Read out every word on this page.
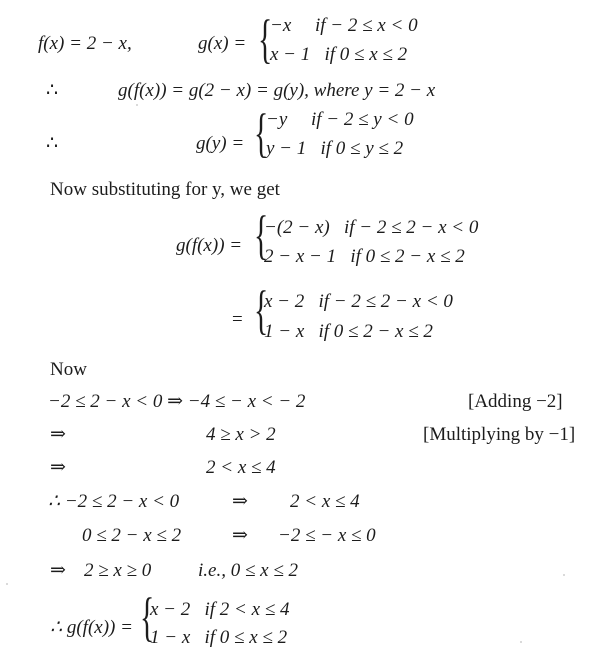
f(x) = 2 − x,	g(x) = {
−x     if − 2 ≤ x < 0
x − 1   if 0 ≤ x ≤ 2
∴	g(f(x)) = g(2 − x) = g(y), where y = 2 − x
∴	g(y) = {
−y     if − 2 ≤ y < 0
y − 1   if 0 ≤ y ≤ 2
Now substituting for y, we get
g(f(x)) = {
−(2 − x)   if − 2 ≤ 2 − x < 0
2 − x − 1   if 0 ≤ 2 − x ≤ 2
= {
x − 2   if − 2 ≤ 2 − x < 0
1 − x   if 0 ≤ 2 − x ≤ 2
Now
−2 ≤ 2 − x < 0 ⇒ −4 ≤ − x < − 2	[Adding −2]
⇒	4 ≥ x > 2	[Multiplying by −1]
⇒	2 < x ≤ 4
∴ −2 ≤ 2 − x < 0	⇒ 2 < x ≤ 4
0 ≤ 2 − x ≤ 2	⇒ −2 ≤ − x ≤ 0
⇒ 2 ≥ x ≥ 0 i.e., 0 ≤ x ≤ 2
∴ g(f(x)) = {
x − 2   if 2 < x ≤ 4
1 − x   if 0 ≤ x ≤ 2
